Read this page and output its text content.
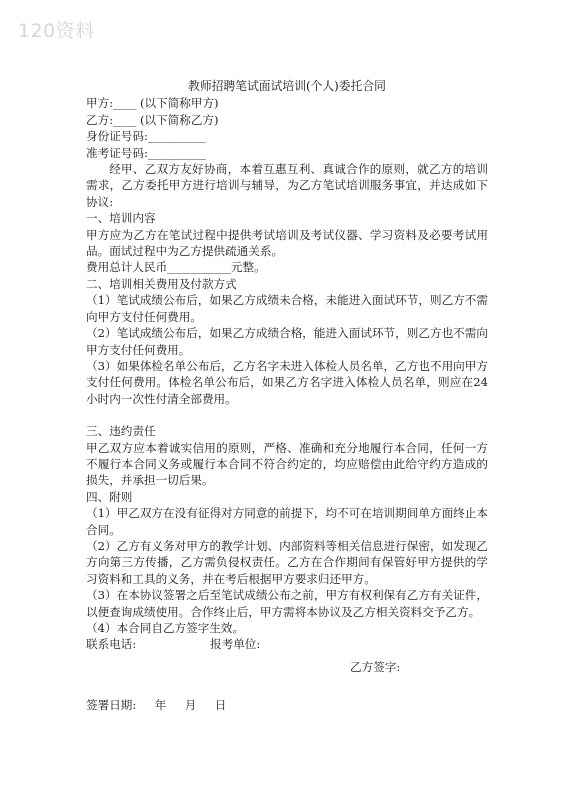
120资料

教师招聘笔试面试培训(个人)委托合同

甲方:____ (以下简称甲方)

乙方:____ (以下简称乙方)

身份证号码:__________

准考证号码:__________

经甲、乙双方友好协商，本着互惠互利、真诚合作的原则，就乙方的培训需求，乙方委托甲方进行培训与辅导，为乙方笔试培训服务事宜，并达成如下协议:

一、培训内容

甲方应为乙方在笔试过程中提供考试培训及考试仪器、学习资料及必要考试用品。面试过程中为乙方提供疏通关系。

费用总计人民币___________元整。

二、培训相关费用及付款方式

（1）笔试成绩公布后，如果乙方成绩未合格，未能进入面试环节，则乙方不需向甲方支付任何费用。

（2）笔试成绩公布后，如果乙方成绩合格，能进入面试环节，则乙方也不需向甲方支付任何费用。

（3）如果体检名单公布后，乙方名字未进入体检人员名单，乙方也不用向甲方支付任何费用。体检名单公布后，如果乙方名字进入体检人员名单，则应在24小时内一次性付清全部费用。

三、违约责任

甲乙双方应本着诚实信用的原则，严格、准确和充分地履行本合同，任何一方不履行本合同义务或履行本合同不符合约定的，均应赔偿由此给守约方造成的损失，并承担一切后果。

四、附则

（1）甲乙双方在没有征得对方同意的前提下，均不可在培训期间单方面终止本合同。

（2）乙方有义务对甲方的教学计划、内部资料等相关信息进行保密，如发现乙方向第三方传播，乙方需负侵权责任。乙方在合作期间有保管好甲方提供的学习资料和工具的义务，并在考后根据甲方要求归还甲方。

（3）在本协议签署之后至笔试成绩公布之前，甲方有权利保有乙方有关证件，以便查询成绩使用。合作终止后，甲方需将本协议及乙方相关资料交予乙方。

（4）本合同自乙方签字生效。

联系电话:	报考单位:

乙方签字:

签署日期:     年     月     日
